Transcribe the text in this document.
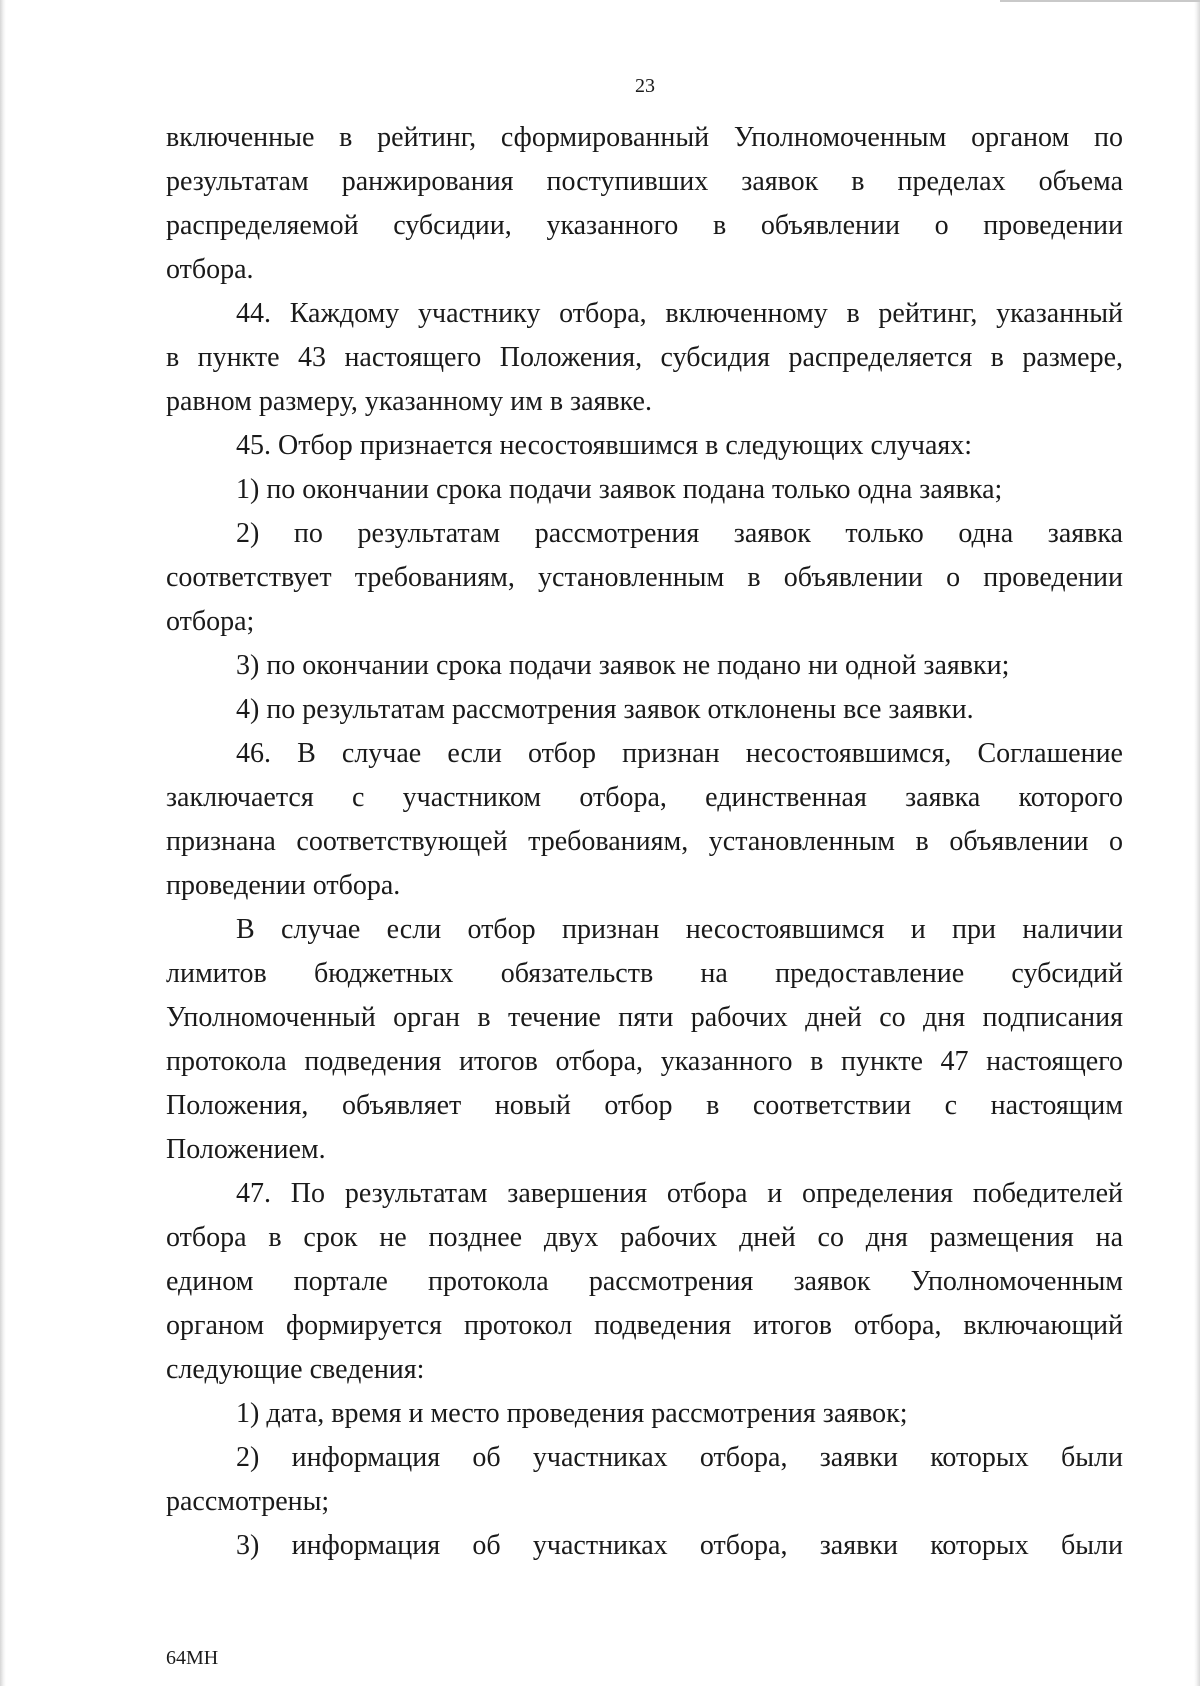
23
включенные в рейтинг, сформированный Уполномоченным органом по
результатам ранжирования поступивших заявок в пределах объема
распределяемой субсидии, указанного в объявлении о проведении
отбора.
44. Каждому участнику отбора, включенному в рейтинг, указанный
в пункте 43 настоящего Положения, субсидия распределяется в размере,
равном размеру, указанному им в заявке.
45. Отбор признается несостоявшимся в следующих случаях:
1) по окончании срока подачи заявок подана только одна заявка;
2) по результатам рассмотрения заявок только одна заявка
соответствует требованиям, установленным в объявлении о проведении
отбора;
3) по окончании срока подачи заявок не подано ни одной заявки;
4) по результатам рассмотрения заявок отклонены все заявки.
46. В случае если отбор признан несостоявшимся, Соглашение
заключается с участником отбора, единственная заявка которого
признана соответствующей требованиям, установленным в объявлении о
проведении отбора.
В случае если отбор признан несостоявшимся и при наличии
лимитов бюджетных обязательств на предоставление субсидий
Уполномоченный орган в течение пяти рабочих дней со дня подписания
протокола подведения итогов отбора, указанного в пункте 47 настоящего
Положения, объявляет новый отбор в соответствии с настоящим
Положением.
47. По результатам завершения отбора и определения победителей
отбора в срок не позднее двух рабочих дней со дня размещения на
едином портале протокола рассмотрения заявок Уполномоченным
органом формируется протокол подведения итогов отбора, включающий
следующие сведения:
1) дата, время и место проведения рассмотрения заявок;
2) информация об участниках отбора, заявки которых были
рассмотрены;
3) информация об участниках отбора, заявки которых были
64МН
